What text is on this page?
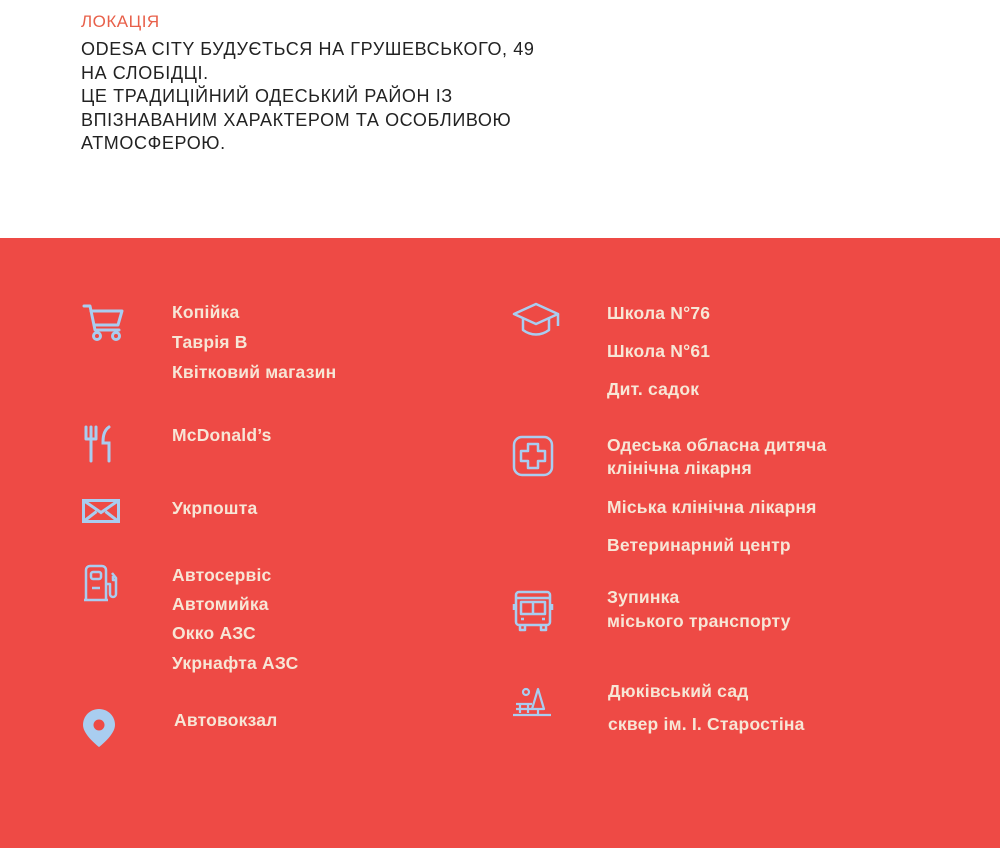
ЛОКАЦІЯ
ODESA CITY БУДУЄТЬСЯ НА ГРУШЕВСЬКОГО, 49
НА СЛОБІДЦІ.
ЦЕ ТРАДИЦІЙНИЙ ОДЕСЬКИЙ РАЙОН ІЗ
ВПІЗНАВАНИМ ХАРАКТЕРОМ ТА ОСОБЛИВОЮ
АТМОСФЕРОЮ.
Копійка
Таврія В
Квітковий магазин
McDonald’s
Укрпошта
Автосервіс
Автомийка
Окко АЗС
Укрнафта АЗС
Автовокзал
Школа N°76
Школа N°61
Дит. садок
Одеська обласна дитяча
клінічна лікарня
Міська клінічна лікарня
Ветеринарний центр
Зупинка
міського транспорту
Дюківський сад
сквер ім. І. Старостіна
